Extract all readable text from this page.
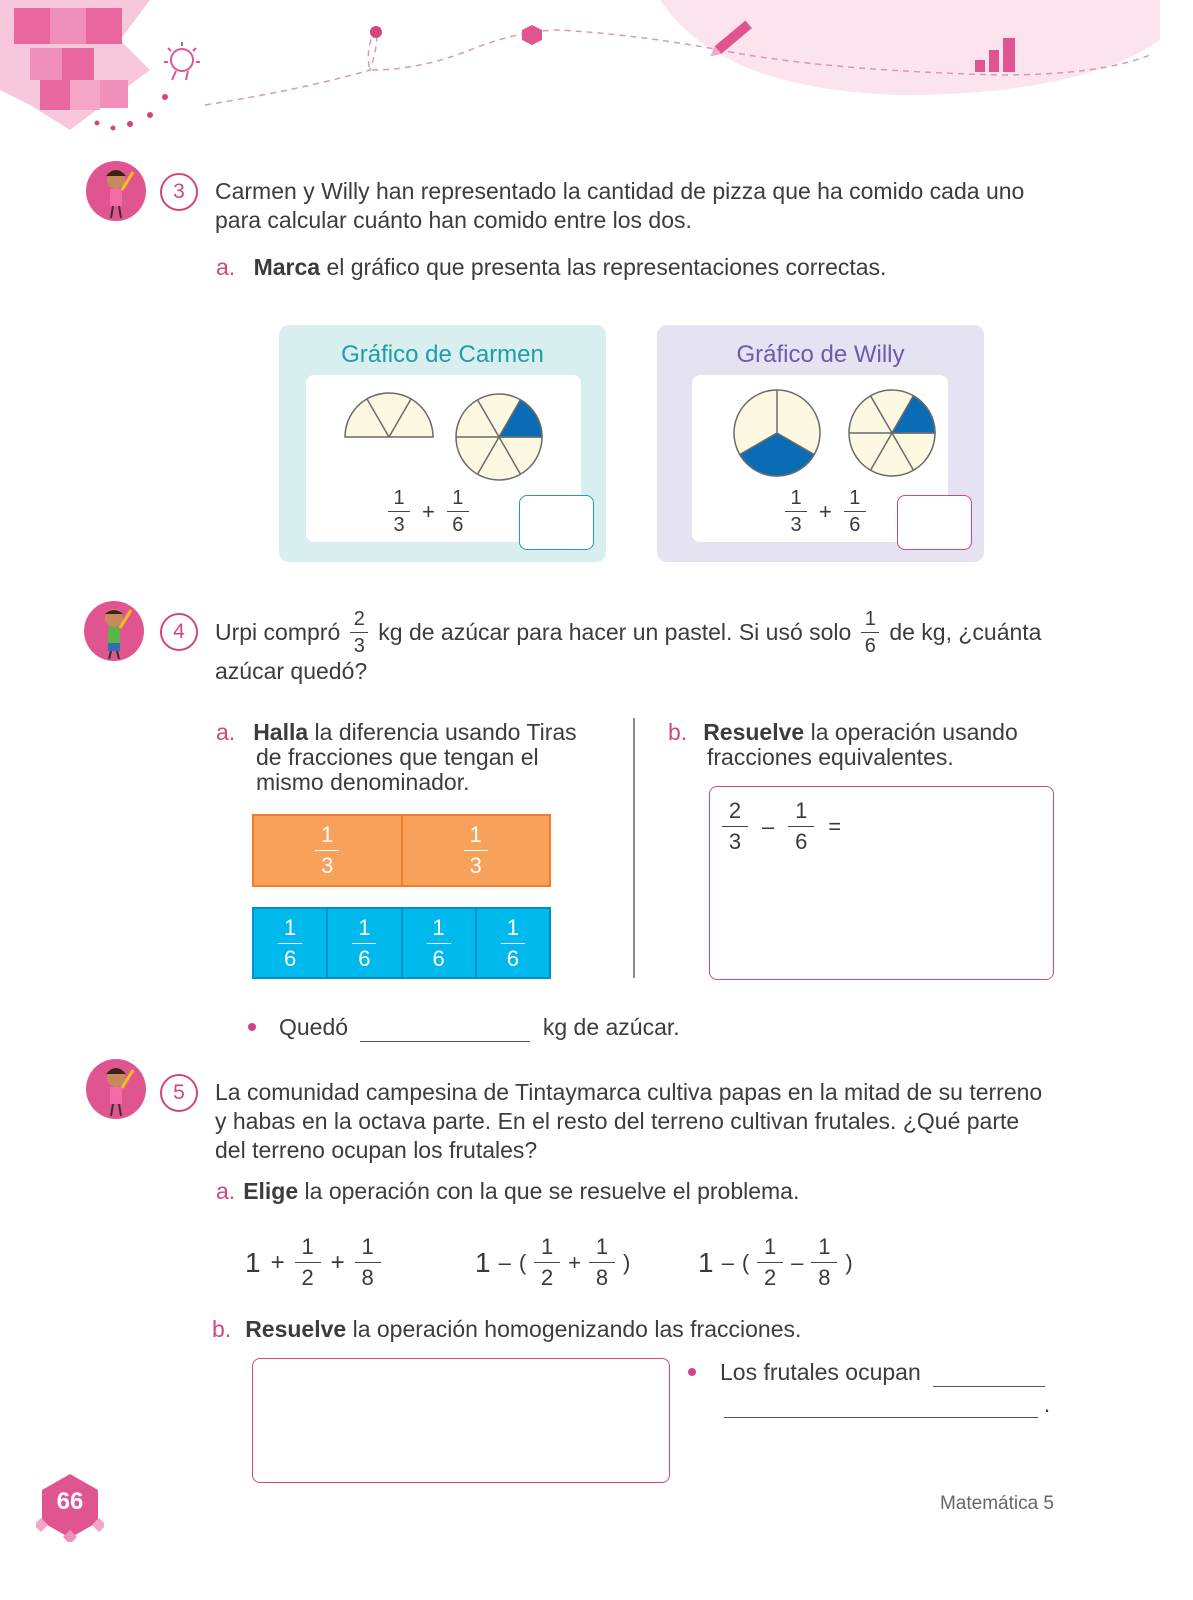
3	Carmen y Willy han representado la cantidad de pizza que ha comido cada uno
para calcular cuánto han comido entre los dos.
a. Marca el gráfico que presenta las representaciones correctas.
Gráfico de Carmen
$\frac{1}{3} + \frac{1}{6}$
Gráfico de Willy
$\frac{1}{3} + \frac{1}{6}$
4	Urpi compró $\frac{2}{3}$ kg de azúcar para hacer un pastel. Si usó solo $\frac{1}{6}$ de kg, ¿cuánta
azúcar quedó?
a. Halla la diferencia usando Tiras
de fracciones que tengan el
mismo denominador.
$\frac{1}{3}$	$\frac{1}{3}$
$\frac{1}{6} \frac{1}{6} \frac{1}{6} \frac{1}{6}$
b. Resuelve la operación usando
fracciones equivalentes.
$\frac{2}{3} - \frac{1}{6}$ =
Quedó	kg de azúcar.
5	La comunidad campesina de Tintaymarca cultiva papas en la mitad de su terreno
y habas en la octava parte. En el resto del terreno cultivan frutales. ¿Qué parte
del terreno ocupan los frutales?
a. Elige la operación con la que se resuelve el problema.
$1 + \frac{1}{2} + \frac{1}{8}$	1 – ( $\frac{1}{2} + \frac{1}{8}$ ) 1 – ( $\frac{1}{2} - \frac{1}{8}$ )
b. Resuelve la operación homogenizando las fracciones.
Los frutales ocupan
.
66	Matemática 5
